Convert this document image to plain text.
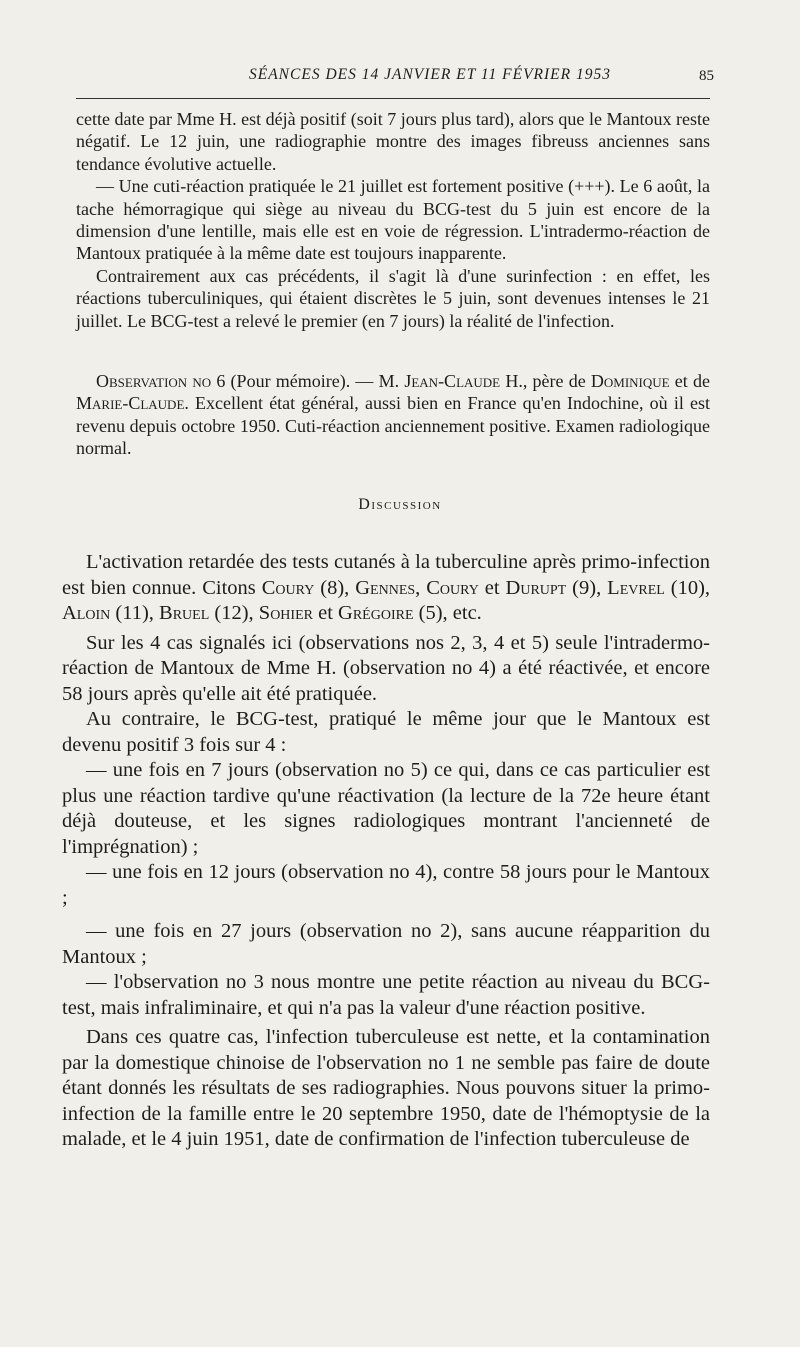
SÉANCES DES 14 JANVIER ET 11 FÉVRIER 1953	85

cette date par Mme H. est déjà positif (soit 7 jours plus tard), alors que le Mantoux reste négatif. Le 12 juin, une radiographie montre des images fibreuss anciennes sans tendance évolutive actuelle.

— Une cuti-réaction pratiquée le 21 juillet est fortement positive (+++). Le 6 août, la tache hémorragique qui siège au niveau du BCG-test du 5 juin est encore de la dimension d'une lentille, mais elle est en voie de régression. L'intradermo-réaction de Mantoux pratiquée à la même date est toujours inapparente.

Contrairement aux cas précédents, il s'agit là d'une surinfection : en effet, les réactions tuberculiniques, qui étaient discrètes le 5 juin, sont devenues intenses le 21 juillet. Le BCG-test a relevé le premier (en 7 jours) la réalité de l'infection.

Observation no 6 (Pour mémoire). — M. Jean-Claude H., père de Dominique et de Marie-Claude. Excellent état général, aussi bien en France qu'en Indochine, où il est revenu depuis octobre 1950. Cuti-réaction anciennement positive. Examen radiologique normal.

Discussion

L'activation retardée des tests cutanés à la tuberculine après primo-infection est bien connue. Citons Coury (8), Gennes, Coury et Durupt (9), Levrel (10), Aloin (11), Bruel (12), Sohier et Grégoire (5), etc.

Sur les 4 cas signalés ici (observations nos 2, 3, 4 et 5) seule l'intradermo-réaction de Mantoux de Mme H. (observation no 4) a été réactivée, et encore 58 jours après qu'elle ait été pratiquée.

Au contraire, le BCG-test, pratiqué le même jour que le Mantoux est devenu positif 3 fois sur 4 :

— une fois en 7 jours (observation no 5) ce qui, dans ce cas particulier est plus une réaction tardive qu'une réactivation (la lecture de la 72e heure étant déjà douteuse, et les signes radiologiques montrant l'ancienneté de l'imprégnation) ;

— une fois en 12 jours (observation no 4), contre 58 jours pour le Mantoux ;

— une fois en 27 jours (observation no 2), sans aucune réapparition du Mantoux ;

— l'observation no 3 nous montre une petite réaction au niveau du BCG-test, mais infraliminaire, et qui n'a pas la valeur d'une réaction positive.

Dans ces quatre cas, l'infection tuberculeuse est nette, et la contamination par la domestique chinoise de l'observation no 1 ne semble pas faire de doute étant donnés les résultats de ses radiographies. Nous pouvons situer la primo-infection de la famille entre le 20 septembre 1950, date de l'hémoptysie de la malade, et le 4 juin 1951, date de confirmation de l'infection tuberculeuse de
